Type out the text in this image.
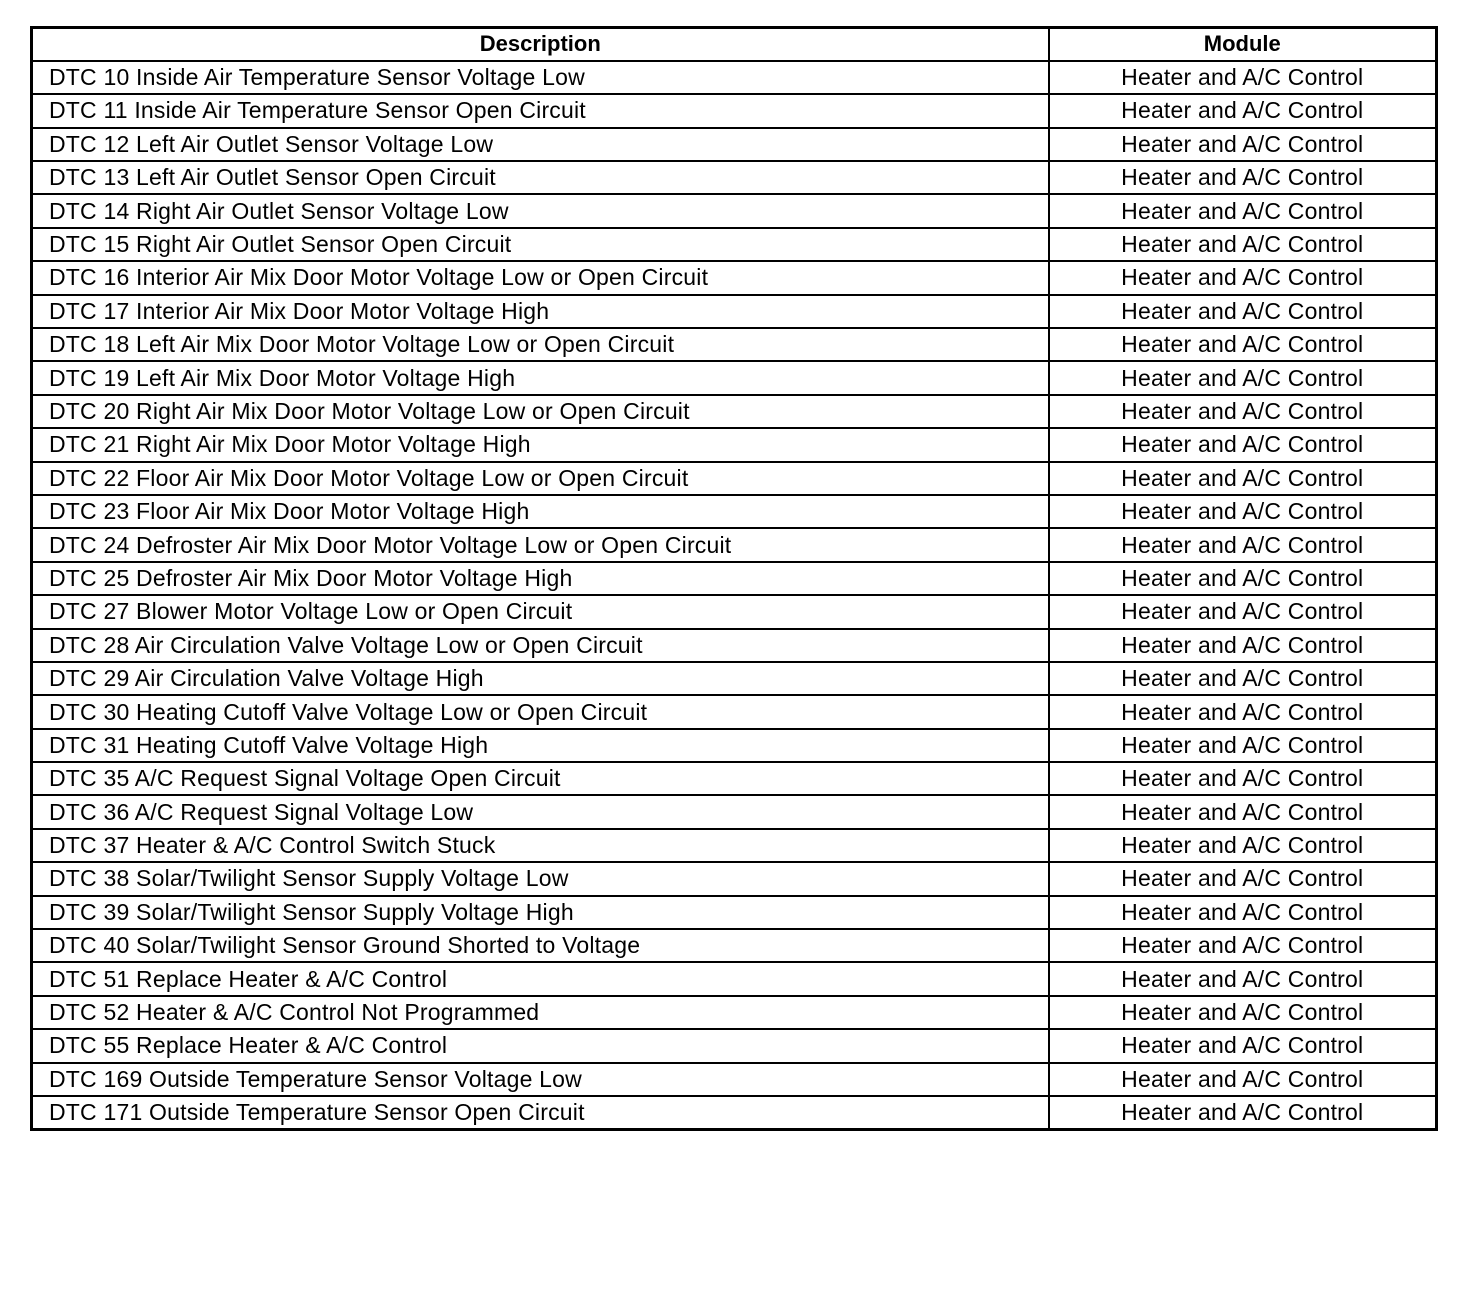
Description	Module
DTC 10 Inside Air Temperature Sensor Voltage Low	Heater and A/C Control
DTC 11 Inside Air Temperature Sensor Open Circuit	Heater and A/C Control
DTC 12 Left Air Outlet Sensor Voltage Low	Heater and A/C Control
DTC 13 Left Air Outlet Sensor Open Circuit	Heater and A/C Control
DTC 14 Right Air Outlet Sensor Voltage Low	Heater and A/C Control
DTC 15 Right Air Outlet Sensor Open Circuit	Heater and A/C Control
DTC 16 Interior Air Mix Door Motor Voltage Low or Open Circuit	Heater and A/C Control
DTC 17 Interior Air Mix Door Motor Voltage High	Heater and A/C Control
DTC 18 Left Air Mix Door Motor Voltage Low or Open Circuit	Heater and A/C Control
DTC 19 Left Air Mix Door Motor Voltage High	Heater and A/C Control
DTC 20 Right Air Mix Door Motor Voltage Low or Open Circuit	Heater and A/C Control
DTC 21 Right Air Mix Door Motor Voltage High	Heater and A/C Control
DTC 22 Floor Air Mix Door Motor Voltage Low or Open Circuit	Heater and A/C Control
DTC 23 Floor Air Mix Door Motor Voltage High	Heater and A/C Control
DTC 24 Defroster Air Mix Door Motor Voltage Low or Open Circuit	Heater and A/C Control
DTC 25 Defroster Air Mix Door Motor Voltage High	Heater and A/C Control
DTC 27 Blower Motor Voltage Low or Open Circuit	Heater and A/C Control
DTC 28 Air Circulation Valve Voltage Low or Open Circuit	Heater and A/C Control
DTC 29 Air Circulation Valve Voltage High	Heater and A/C Control
DTC 30 Heating Cutoff Valve Voltage Low or Open Circuit	Heater and A/C Control
DTC 31 Heating Cutoff Valve Voltage High	Heater and A/C Control
DTC 35 A/C Request Signal Voltage Open Circuit	Heater and A/C Control
DTC 36 A/C Request Signal Voltage Low	Heater and A/C Control
DTC 37 Heater & A/C Control Switch Stuck	Heater and A/C Control
DTC 38 Solar/Twilight Sensor Supply Voltage Low	Heater and A/C Control
DTC 39 Solar/Twilight Sensor Supply Voltage High	Heater and A/C Control
DTC 40 Solar/Twilight Sensor Ground Shorted to Voltage	Heater and A/C Control
DTC 51 Replace Heater & A/C Control	Heater and A/C Control
DTC 52 Heater & A/C Control Not Programmed	Heater and A/C Control
DTC 55 Replace Heater & A/C Control	Heater and A/C Control
DTC 169 Outside Temperature Sensor Voltage Low	Heater and A/C Control
DTC 171 Outside Temperature Sensor Open Circuit	Heater and A/C Control
